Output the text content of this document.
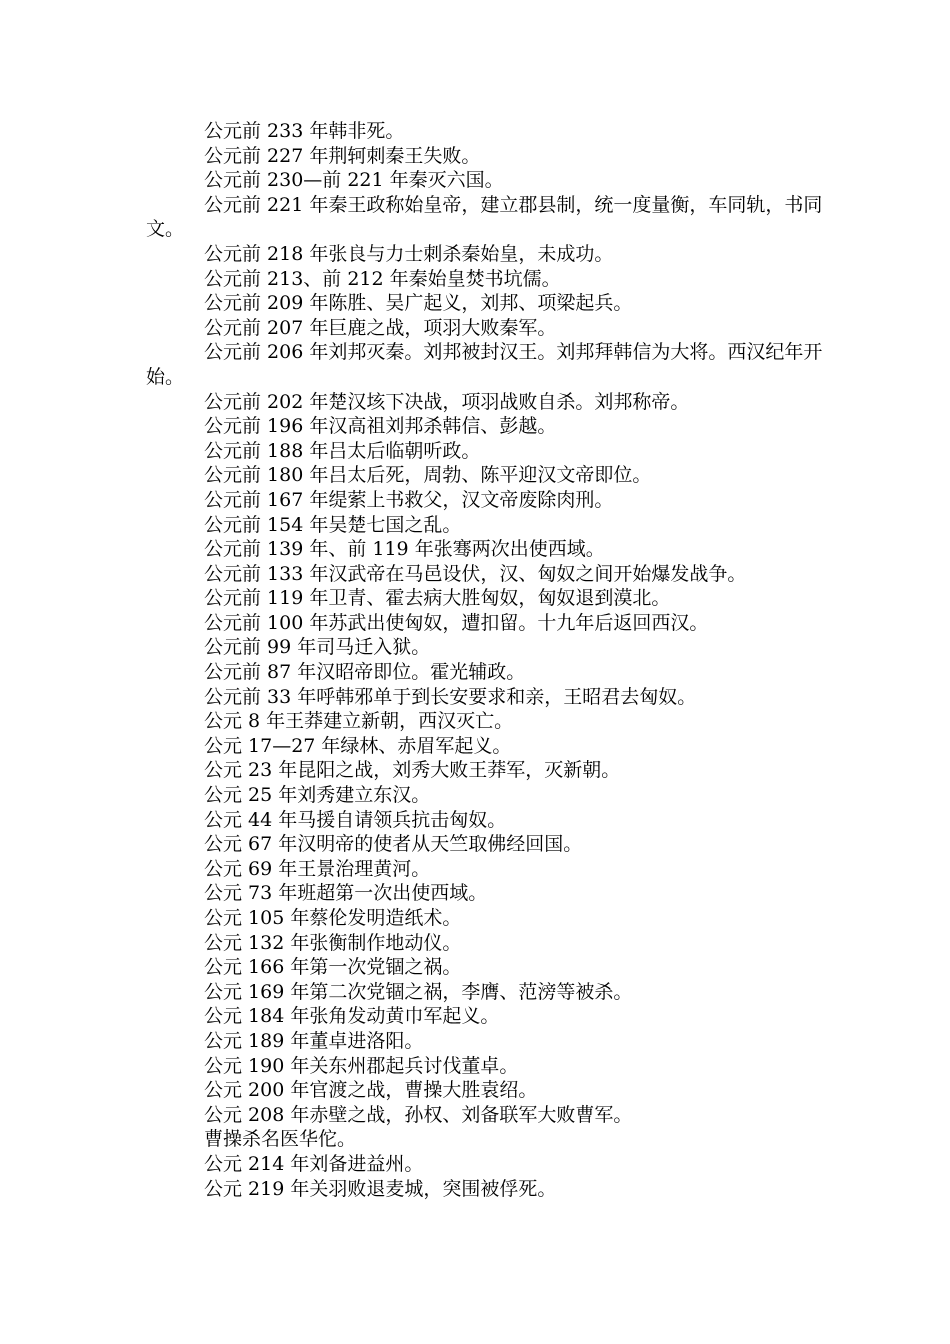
公元前 233 年韩非死。

公元前 227 年荆轲刺秦王失败。

公元前 230—前 221 年秦灭六国。

公元前 221 年秦王政称始皇帝，建立郡县制，统一度量衡，车同轨，书同文。

公元前 218 年张良与力士刺杀秦始皇，未成功。

公元前 213、前 212 年秦始皇焚书坑儒。

公元前 209 年陈胜、吴广起义，刘邦、项梁起兵。

公元前 207 年巨鹿之战，项羽大败秦军。

公元前 206 年刘邦灭秦。刘邦被封汉王。刘邦拜韩信为大将。西汉纪年开始。

公元前 202 年楚汉垓下决战，项羽战败自杀。刘邦称帝。

公元前 196 年汉高祖刘邦杀韩信、彭越。

公元前 188 年吕太后临朝听政。

公元前 180 年吕太后死，周勃、陈平迎汉文帝即位。

公元前 167 年缇萦上书救父，汉文帝废除肉刑。

公元前 154 年吴楚七国之乱。

公元前 139 年、前 119 年张骞两次出使西域。

公元前 133 年汉武帝在马邑设伏，汉、匈奴之间开始爆发战争。

公元前 119 年卫青、霍去病大胜匈奴，匈奴退到漠北。

公元前 100 年苏武出使匈奴，遭扣留。十九年后返回西汉。

公元前 99 年司马迁入狱。

公元前 87 年汉昭帝即位。霍光辅政。

公元前 33 年呼韩邪单于到长安要求和亲，王昭君去匈奴。

公元 8 年王莽建立新朝，西汉灭亡。

公元 17—27 年绿林、赤眉军起义。

公元 23 年昆阳之战，刘秀大败王莽军，灭新朝。

公元 25 年刘秀建立东汉。

公元 44 年马援自请领兵抗击匈奴。

公元 67 年汉明帝的使者从天竺取佛经回国。

公元 69 年王景治理黄河。

公元 73 年班超第一次出使西域。

公元 105 年蔡伦发明造纸术。

公元 132 年张衡制作地动仪。

公元 166 年第一次党锢之祸。

公元 169 年第二次党锢之祸，李膺、范滂等被杀。

公元 184 年张角发动黄巾军起义。

公元 189 年董卓进洛阳。

公元 190 年关东州郡起兵讨伐董卓。

公元 200 年官渡之战，曹操大胜袁绍。

公元 208 年赤壁之战，孙权、刘备联军大败曹军。

曹操杀名医华佗。

公元 214 年刘备进益州。

公元 219 年关羽败退麦城，突围被俘死。
